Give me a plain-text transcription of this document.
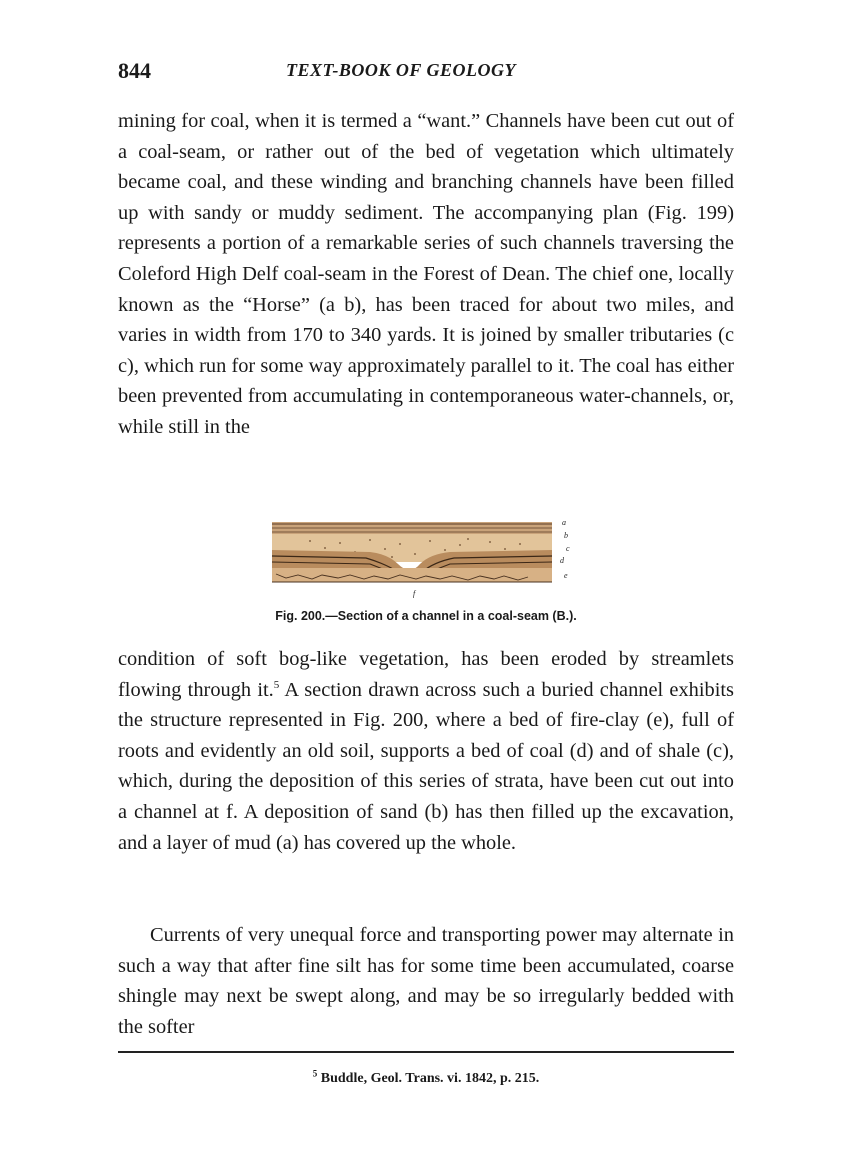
844	TEXT-BOOK OF GEOLOGY

mining for coal, when it is termed a “want.” Channels have been cut out of a coal-seam, or rather out of the bed of vegetation which ultimately became coal, and these winding and branching channels have been filled up with sandy or muddy sediment. The accompanying plan (Fig. 199) represents a portion of a remarkable series of such channels traversing the Coleford High Delf coal-seam in the Forest of Dean. The chief one, locally known as the “Horse” (a b), has been traced for about two miles, and varies in width from 170 to 340 yards. It is joined by smaller tributaries (c c), which run for some way approximately parallel to it. The coal has either been prevented from accumulating in contemporaneous water-channels, or, while still in the

a
b
c
d
e
f
Fig. 200.—Section of a channel in a coal-seam (B.).

condition of soft bog-like vegetation, has been eroded by streamlets flowing through it.$^5$ A section drawn across such a buried channel exhibits the structure represented in Fig. 200, where a bed of fire-clay (e), full of roots and evidently an old soil, supports a bed of coal (d) and of shale (c), which, during the deposition of this series of strata, have been cut out into a channel at f. A deposition of sand (b) has then filled up the excavation, and a layer of mud (a) has covered up the whole.

Currents of very unequal force and transporting power may alternate in such a way that after fine silt has for some time been accumulated, coarse shingle may next be swept along, and may be so irregularly bedded with the softer

$^5$ Buddle, Geol. Trans. vi. 1842, p. 215.
